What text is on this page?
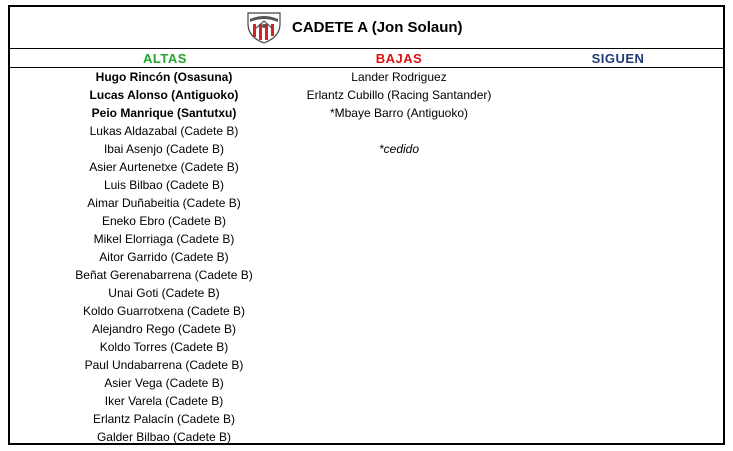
CADETE A (Jon Solaun)
ALTAS	BAJAS	SIGUEN
Hugo Rincón (Osasuna)
Lucas Alonso (Antiguoko)
Peio Manrique (Santutxu)
Lukas Aldazabal (Cadete B)
Ibai Asenjo (Cadete B)
Asier Aurtenetxe (Cadete B)
Luis Bilbao (Cadete B)
Aimar Duñabeitia (Cadete B)
Eneko Ebro (Cadete B)
Mikel Elorriaga (Cadete B)
Aitor Garrido (Cadete B)
Beñat Gerenabarrena (Cadete B)
Unai Goti (Cadete B)
Koldo Guarrotxena (Cadete B)
Alejandro Rego (Cadete B)
Koldo Torres (Cadete B)
Paul Undabarrena (Cadete B)
Asier Vega (Cadete B)
Iker Varela (Cadete B)
Erlantz Palacín (Cadete B)
Galder Bilbao (Cadete B)
Lander Rodriguez
Erlantz Cubillo (Racing Santander)
*Mbaye Barro (Antiguoko)
*cedido
